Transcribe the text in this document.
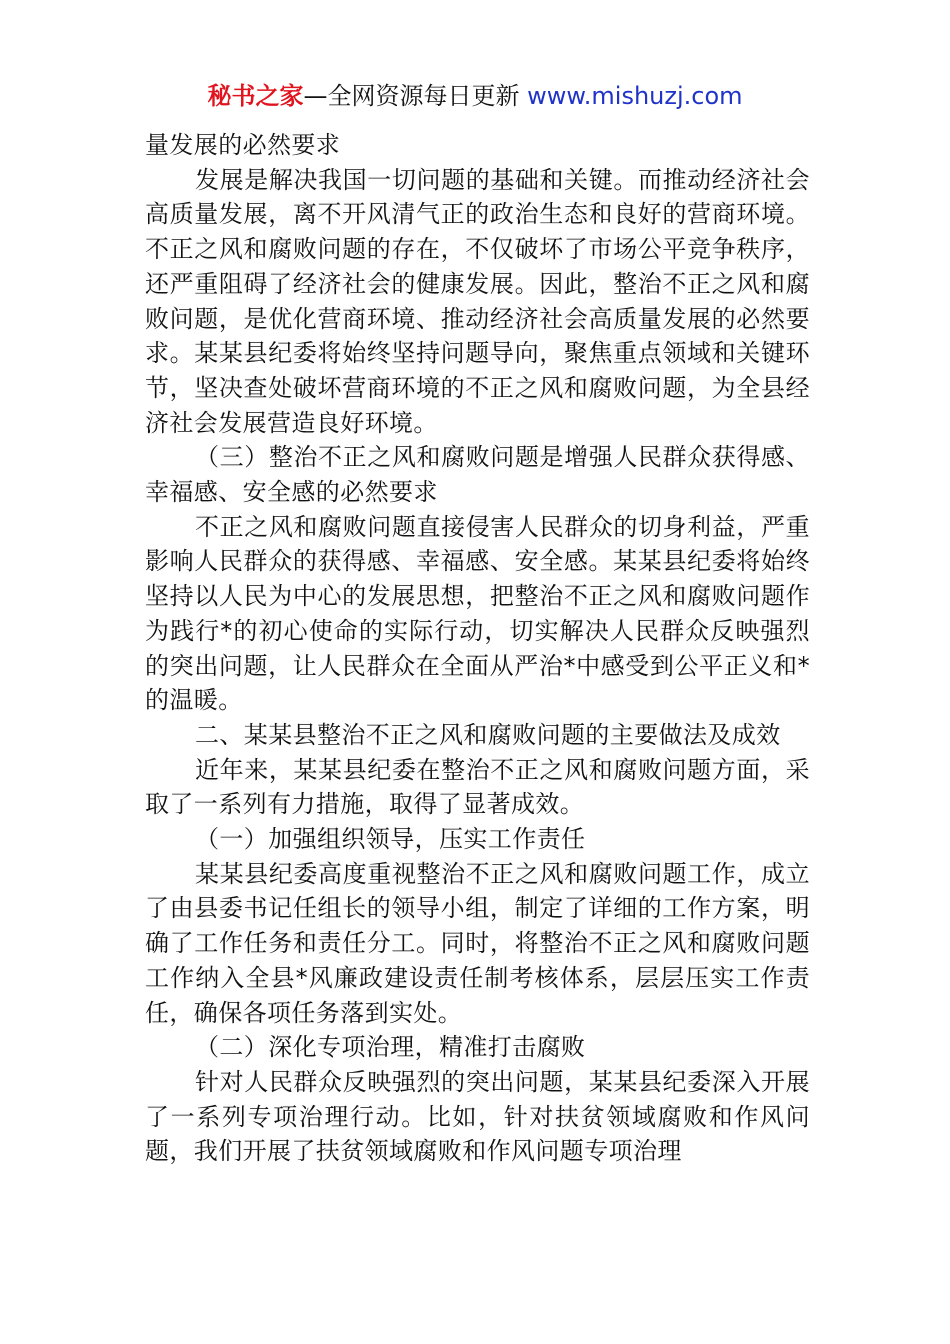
秘书之家—全网资源每日更新 www.mishuzj.com

量发展的必然要求

发展是解决我国一切问题的基础和关键。而推动经济社会高质量发展，离不开风清气正的政治生态和良好的营商环境。不正之风和腐败问题的存在，不仅破坏了市场公平竞争秩序，还严重阻碍了经济社会的健康发展。因此，整治不正之风和腐败问题，是优化营商环境、推动经济社会高质量发展的必然要求。某某县纪委将始终坚持问题导向，聚焦重点领域和关键环节，坚决查处破坏营商环境的不正之风和腐败问题，为全县经济社会发展营造良好环境。

（三）整治不正之风和腐败问题是增强人民群众获得感、幸福感、安全感的必然要求

不正之风和腐败问题直接侵害人民群众的切身利益，严重影响人民群众的获得感、幸福感、安全感。某某县纪委将始终坚持以人民为中心的发展思想，把整治不正之风和腐败问题作为践行*的初心使命的实际行动，切实解决人民群众反映强烈的突出问题，让人民群众在全面从严治*中感受到公平正义和*的温暖。

二、某某县整治不正之风和腐败问题的主要做法及成效

近年来，某某县纪委在整治不正之风和腐败问题方面，采取了一系列有力措施，取得了显著成效。

（一）加强组织领导，压实工作责任

某某县纪委高度重视整治不正之风和腐败问题工作，成立了由县委书记任组长的领导小组，制定了详细的工作方案，明确了工作任务和责任分工。同时，将整治不正之风和腐败问题工作纳入全县*风廉政建设责任制考核体系，层层压实工作责任，确保各项任务落到实处。

（二）深化专项治理，精准打击腐败

针对人民群众反映强烈的突出问题，某某县纪委深入开展了一系列专项治理行动。比如，针对扶贫领域腐败和作风问题，我们开展了扶贫领域腐败和作风问题专项治理
